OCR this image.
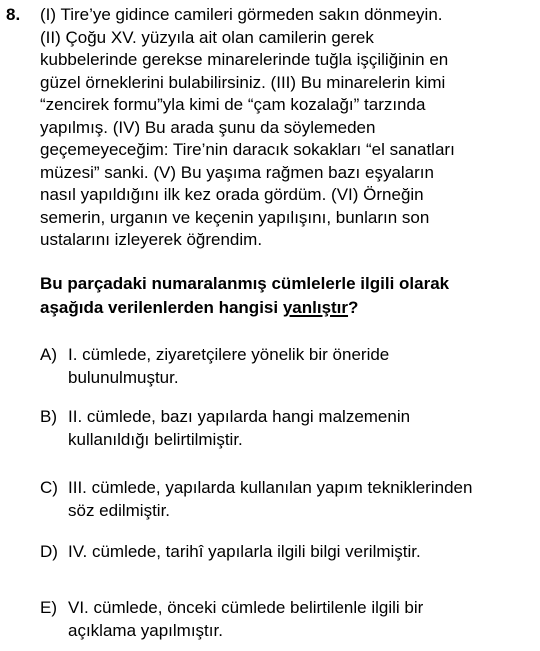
8. (I) Tire’ye gidince camileri görmeden sakın dönmeyin.
(II) Çoğu XV. yüzyıla ait olan camilerin gerek
kubbelerinde gerekse minarelerinde tuğla işçiliğinin en
güzel örneklerini bulabilirsiniz. (III) Bu minarelerin kimi
“zencirek formu”yla kimi de “çam kozalağı” tarzında
yapılmış. (IV) Bu arada şunu da söylemeden
geçemeyeceğim: Tire’nin daracık sokakları “el sanatları
müzesi” sanki. (V) Bu yaşıma rağmen bazı eşyaların
nasıl yapıldığını ilk kez orada gördüm. (VI) Örneğin
semerin, urganın ve keçenin yapılışını, bunların son
ustalarını izleyerek öğrendim.
Bu parçadaki numaralanmış cümlelerle ilgili olarak
aşağıda verilenlerden hangisi yanlıştır?
A) I. cümlede, ziyaretçilere yönelik bir öneride
bulunulmuştur.
B) II. cümlede, bazı yapılarda hangi malzemenin
kullanıldığı belirtilmiştir.
C) III. cümlede, yapılarda kullanılan yapım tekniklerinden
söz edilmiştir.
D) IV. cümlede, tarihî yapılarla ilgili bilgi verilmiştir.
E) VI. cümlede, önceki cümlede belirtilenle ilgili bir
açıklama yapılmıştır.
